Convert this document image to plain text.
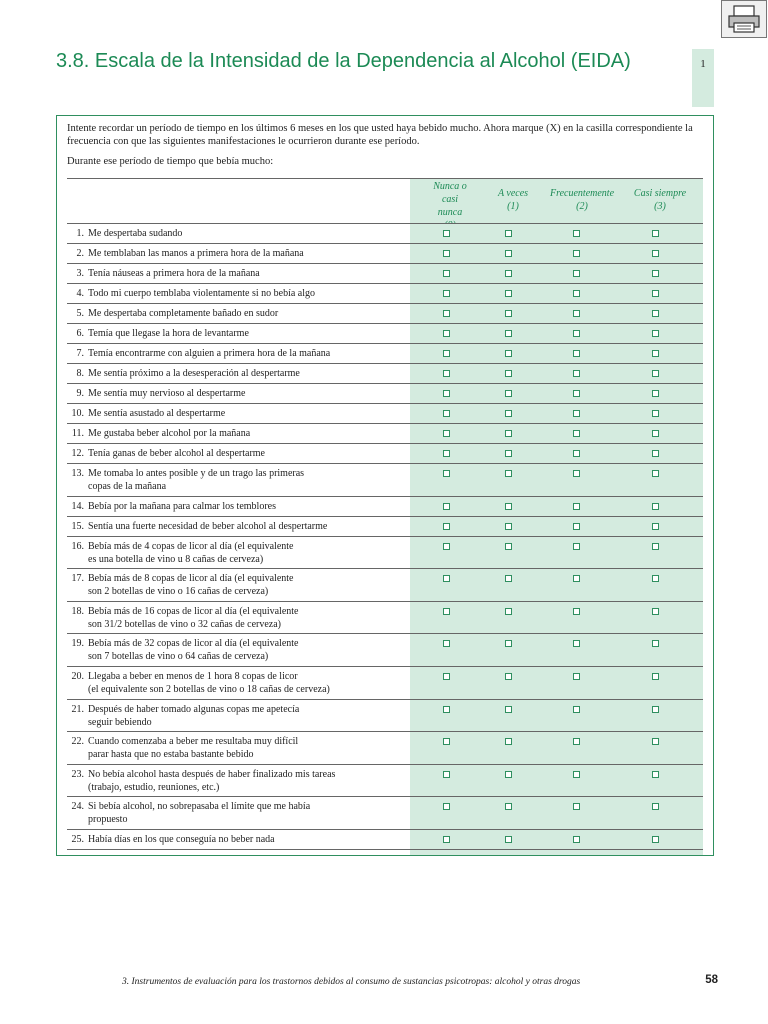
3.8. Escala de la Intensidad de la Dependencia al Alcohol (EIDA)	1

Intente recordar un período de tiempo en los últimos 6 meses en los que usted haya bebido mucho. Ahora marque (X) en la casilla correspondiente la frecuencia con que las siguientes manifestaciones le ocurrieron durante ese período.

Durante ese período de tiempo que bebía mucho:

Nunca o casi nunca
A veces
(1)
Frecuentemente
(2)
Casi siempre
(3)
1. Me despertaba sudando
2. Me temblaban las manos a primera hora de la mañana
3. Tenía náuseas a primera hora de la mañana
4. Todo mi cuerpo temblaba violentamente si no bebía algo
5. Me despertaba completamente bañado en sudor
6. Temía que llegase la hora de levantarme
7. Temía encontrarme con alguien a primera hora de la mañana
8. Me sentía próximo a la desesperación al despertarme
9. Me sentía muy nervioso al despertarme
10. Me sentía asustado al despertarme
11. Me gustaba beber alcohol por la mañana
12. Tenía ganas de beber alcohol al despertarme
13. Me tomaba lo antes posible y de un trago las primeras
copas de la mañana
14. Bebía por la mañana para calmar los temblores
15. Sentía una fuerte necesidad de beber alcohol al despertarme
16. Bebía más de 4 copas de licor al día (el equivalente
es una botella de vino u 8 cañas de cerveza)
17. Bebía más de 8 copas de licor al día (el equivalente
son 2 botellas de vino o 16 cañas de cerveza)
18. Bebía más de 16 copas de licor al día (el equivalente
son 31/2 botellas de vino o 32 cañas de cerveza)
19. Bebía más de 32 copas de licor al día (el equivalente
son 7 botellas de vino o 64 cañas de cerveza)
20. Llegaba a beber en menos de 1 hora 8 copas de licor
(el equivalente son 2 botellas de vino o 18 cañas de cerveza)
21. Después de haber tomado algunas copas me apetecía
seguir bebiendo
22. Cuando comenzaba a beber me resultaba muy difícil
parar hasta que no estaba bastante bebido
23. No bebía alcohol hasta después de haber finalizado mis tareas
(trabajo, estudio, reuniones, etc.)
24. Si bebía alcohol, no sobrepasaba el límite que me había
propuesto
25. Había días en los que conseguía no beber nada
3. Instrumentos de evaluación para los trastornos debidos al consumo de sustancias psicotropas: alcohol y otras drogas	58
